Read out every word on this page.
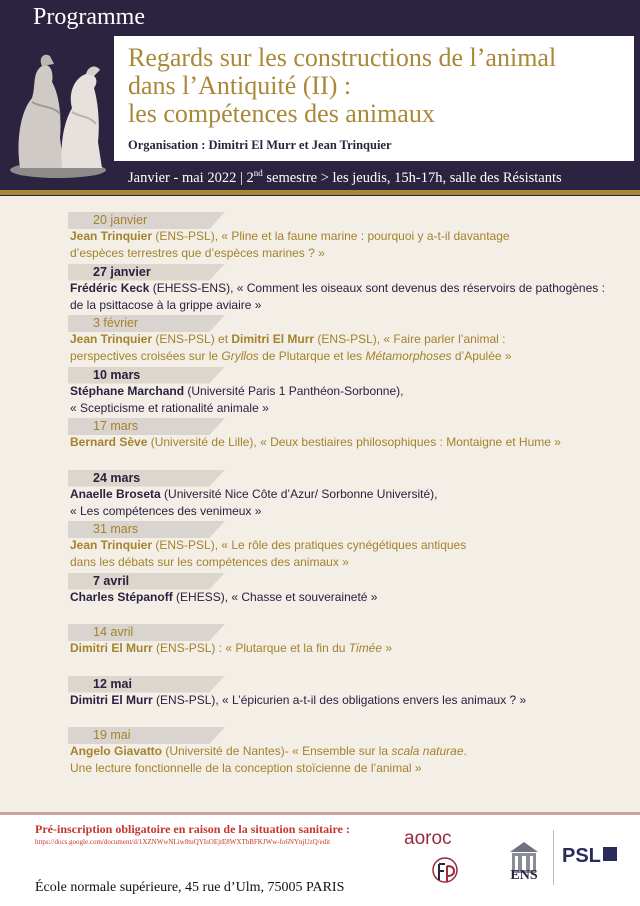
Programme
Regards sur les constructions de l’animal
dans l’Antiquité (II) :
les compétences des animaux
Organisation : Dimitri El Murr et Jean Trinquier
Janvier - mai 2022 | 2nd semestre > les jeudis, 15h-17h, salle des Résistants
20 janvier
Jean Trinquier (ENS-PSL), « Pline et la faune marine : pourquoi y a-t-il davantage
d’espèces terrestres que d’espèces marines ? »
27 janvier
Frédéric Keck (EHESS-ENS), « Comment les oiseaux sont devenus des réservoirs de pathogènes :
de la psittacose à la grippe aviaire »
3 février
Jean Trinquier (ENS-PSL) et Dimitri El Murr (ENS-PSL), « Faire parler l’animal :
perspectives croisées sur le Gryllos de Plutarque et les Métamorphoses d’Apulée »
10 mars
Stéphane Marchand (Université Paris 1 Panthéon-Sorbonne),
« Scepticisme et rationalité animale »
17 mars
Bernard Sève (Université de Lille), « Deux bestiaires philosophiques : Montaigne et Hume »
24 mars
Anaelle Broseta (Université Nice Côte d’Azur/ Sorbonne Université),
« Les compétences des venimeux »
31 mars
Jean Trinquier (ENS-PSL), « Le rôle des pratiques cynégétiques antiques
dans les débats sur les compétences des animaux »
7 avril
Charles Stépanoff (EHESS), « Chasse et souveraineté »
14 avril
Dimitri El Murr (ENS-PSL) : « Plutarque et la fin du Timée »
12 mai
Dimitri El Murr (ENS-PSL), « L’épicurien a-t-il des obligations envers les animaux ? »
19 mai
Angelo Giavatto (Université de Nantes)- « Ensemble sur la scala naturae.
Une lecture fonctionnelle de la conception stoïcienne de l’animal »
Pré-inscription obligatoire en raison de la situation sanitaire :
https://docs.google.com/document/d/1XZNWwNLiw8tuQYIsOEjtE8WXTbBFKJWw-fo6NYnjUzQ/edit
École normale supérieure, 45 rue d’Ulm, 75005 PARIS
aoroc
ENS
PSL
